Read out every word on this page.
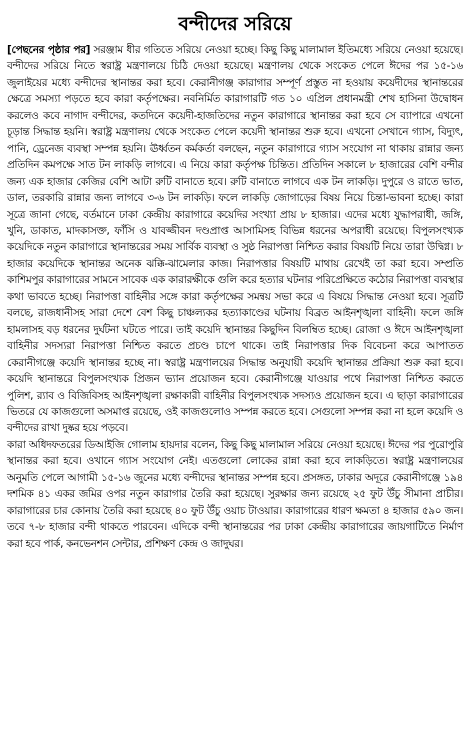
বন্দীদের সরিয়ে

[পেছনের পৃষ্ঠার পর] সরঞ্জাম ধীর গতিতে সরিয়ে নেওয়া হচ্ছে। কিছু কিছু মালামাল ইতিমধ্যে সরিয়ে নেওয়া হয়েছে। বন্দীদের সরিয়ে নিতে স্বরাষ্ট্র মন্ত্রণালয়ে চিঠি দেওয়া হয়েছে। মন্ত্রণালয় থেকে সংকেত পেলে ঈদের পর ১৫-১৬ জুলাইয়ের মধ্যে বন্দীদের স্থানান্তর করা হবে। কেরানীগঞ্জ কারাগার সম্পূর্ণ প্রস্তুত না হওয়ায় কয়েদীদের স্থানান্তরের ক্ষেত্রে সমস্যা পড়তে হবে কারা কর্তৃপক্ষের। নবনির্মিত কারাগারটি গত ১০ এপ্রিল প্রধানমন্ত্রী শেখ হাসিনা উদ্বোধন করলেও কবে নাগাদ বন্দীদের, কতদিনে কয়েদী-হাজতিদের নতুন কারাগারে স্থানান্তর করা হবে সে ব্যাপারে এখনো চূড়ান্ত সিদ্ধান্ত হয়নি। স্বরাষ্ট্র মন্ত্রণালয় থেকে সংকেত পেলে কয়েদী স্থানান্তর শুরু হবে। এখনো সেখানে গ্যাস, বিদ্যুৎ, পানি, ড্রেনেজ ব্যবস্থা সম্পন্ন হয়নি। ঊর্ধ্বতন কর্মকর্তা বলছেন, নতুন কারাগারে গ্যাস সংযোগ না থাকায় রান্নার জন্য প্রতিদিন কমপক্ষে সাত টন লাকড়ি লাগবে। এ নিয়ে কারা কর্তৃপক্ষ চিন্তিত। প্রতিদিন সকালে ৮ হাজারের বেশি বন্দীর জন্য এক হাজার কেজির বেশি আটা রুটি বানাতে হবে। রুটি বানাতে লাগবে এক টন লাকড়ি। দুপুরে ও রাতে ভাত, ডাল, তরকারি রান্নার জন্য লাগবে ৩-৬ টন লাকড়ি। ফলে লাকড়ি জোগাড়ের বিষয় নিয়ে চিন্তা-ভাবনা হচ্ছে। কারা সূত্রে জানা গেছে, বর্তমানে ঢাকা কেন্দ্রীয় কারাগারে কয়েদির সংখ্যা প্রায় ৮ হাজার। এদের মধ্যে যুদ্ধাপরাধী, জঙ্গি, খুনি, ডাকাত, মাদকাসক্ত, ফাঁসি ও যাবজ্জীবন দণ্ডপ্রাপ্ত আসামিসহ বিভিন্ন ধরনের অপরাধী রয়েছে। বিপুলসংখ্যক কয়েদিকে নতুন কারাগারে স্থানান্তরের সময় সার্বিক ব্যবস্থা ও সুষ্ঠ নিরাপত্তা নিশ্চিত করার বিষয়টি নিয়ে তারা উদ্বিগ্ন। ৮ হাজার কয়েদিকে স্থানান্তর অনেক ঝক্কি-ঝামেলার কাজ। নিরাপত্তার বিষয়টি মাথায় রেখেই তা করা হবে। সম্প্রতি কাশিমপুর কারাগারের সামনে সাবেক এক কারারক্ষীকে গুলি করে হত্যার ঘটনার পরিপ্রেক্ষিতে কঠোর নিরাপত্তা ব্যবস্থার কথা ভাবতে হচ্ছে। নিরাপত্তা বাহিনীর সঙ্গে কারা কর্তৃপক্ষের সমন্বয় সভা করে এ বিষয়ে সিদ্ধান্ত নেওয়া হবে। সূত্রটি বলছে, রাজধানীসহ সারা দেশে বেশ কিছু চাঞ্চল্যকর হত্যাকাণ্ডের ঘটনায় বিব্রত আইনশৃঙ্খলা বাহিনী। ফলে জঙ্গি হামলাসহ বড় ধরনের দুর্ঘটনা ঘটতে পারে। তাই কয়েদি স্থানান্তর কিছুদিন বিলম্বিত হচ্ছে। রোজা ও ঈদে আইনশৃঙ্খলা বাহিনীর সদস্যরা নিরাপত্তা নিশ্চিত করতে প্রচণ্ড চাপে থাকে। তাই নিরাপত্তার দিক বিবেচনা করে আপাতত কেরানীগঞ্জে কয়েদি স্থানান্তর হচ্ছে না। স্বরাষ্ট্র মন্ত্রণালয়ের সিদ্ধান্ত অনুযায়ী কয়েদি স্থানান্তর প্রক্রিয়া শুরু করা হবে। কয়েদি স্থানান্তরে বিপুলসংখ্যক প্রিজন ভ্যান প্রয়োজন হবে। কেরানীগঞ্জে যাওয়ার পথে নিরাপত্তা নিশ্চিত করতে পুলিশ, র‍্যাব ও বিজিবিসহ আইনশৃঙ্খলা রক্ষাকারী বাহিনীর বিপুলসংখ্যক সদস্যও প্রয়োজন হবে। এ ছাড়া কারাগারের ভিতরে যে কাজগুলো অসমাপ্ত রয়েছে, ওই কাজগুলোও সম্পন্ন করতে হবে। সেগুলো সম্পন্ন করা না হলে কয়েদি ও বন্দীদের রাখা দুষ্কর হয়ে পড়বে।

কারা অধিদফতরের ডিআইজি গোলাম হায়দার বলেন, কিছু কিছু মালামাল সরিয়ে নেওয়া হয়েছে। ঈদের পর পুরোপুরি স্থানান্তর করা হবে। ওখানে গ্যাস সংযোগ নেই। এতগুলো লোকের রান্না করা হবে লাকড়িতে। স্বরাষ্ট্র মন্ত্রণালয়ের অনুমতি পেলে আগামী ১৫-১৬ জুনের মধ্যে বন্দীদের স্থানান্তর সম্পন্ন হবে। প্রসঙ্গত, ঢাকার অদূরে কেরানীগঞ্জে ১৯৪ দশমিক ৪১ একর জমির ওপর নতুন কারাগার তৈরি করা হয়েছে। সুরক্ষার জন্য রয়েছে ২৫ ফুট উঁচু সীমানা প্রাচীর। কারাগারের চার কোনায় তৈরি করা হয়েছে ৪০ ফুট উঁচু ওয়াচ টাওয়ার। কারাগারের ধারণ ক্ষমতা ৪ হাজার ৫৯০ জন। তবে ৭-৮ হাজার বন্দী থাকতে পারবেন। এদিকে বন্দী স্থানান্তরের পর ঢাকা কেন্দ্রীয় কারাগারের জায়গাটিতে নির্মাণ করা হবে পার্ক, কনভেনশন সেন্টার, প্রশিক্ষণ কেন্দ্র ও জাদুঘর।
